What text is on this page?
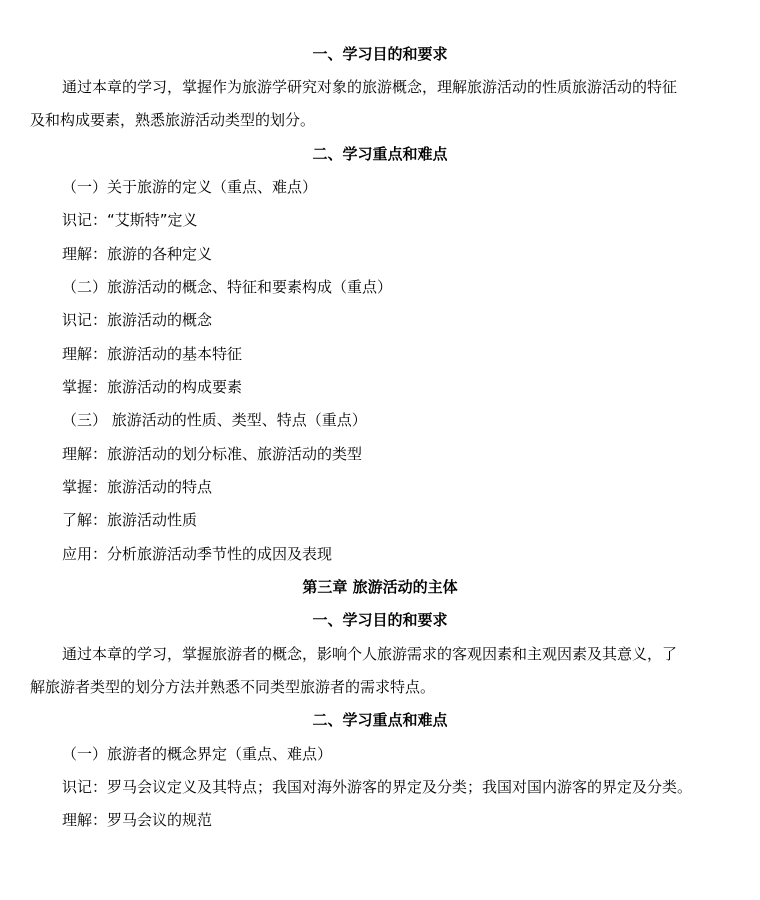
一、学习目的和要求
通过本章的学习，掌握作为旅游学研究对象的旅游概念，理解旅游活动的性质旅游活动的特征
及和构成要素，熟悉旅游活动类型的划分。
二、学习重点和难点
（一）关于旅游的定义（重点、难点）
识记：“艾斯特”定义
理解：旅游的各种定义
（二）旅游活动的概念、特征和要素构成（重点）
识记：旅游活动的概念
理解：旅游活动的基本特征
掌握：旅游活动的构成要素
（三） 旅游活动的性质、类型、特点（重点）
理解：旅游活动的划分标准、旅游活动的类型
掌握：旅游活动的特点
了解：旅游活动性质
应用：分析旅游活动季节性的成因及表现
第三章 旅游活动的主体
一、学习目的和要求
通过本章的学习，掌握旅游者的概念，影响个人旅游需求的客观因素和主观因素及其意义，了
解旅游者类型的划分方法并熟悉不同类型旅游者的需求特点。
二、学习重点和难点
（一）旅游者的概念界定（重点、难点）
识记：罗马会议定义及其特点；我国对海外游客的界定及分类；我国对国内游客的界定及分类。
理解：罗马会议的规范
